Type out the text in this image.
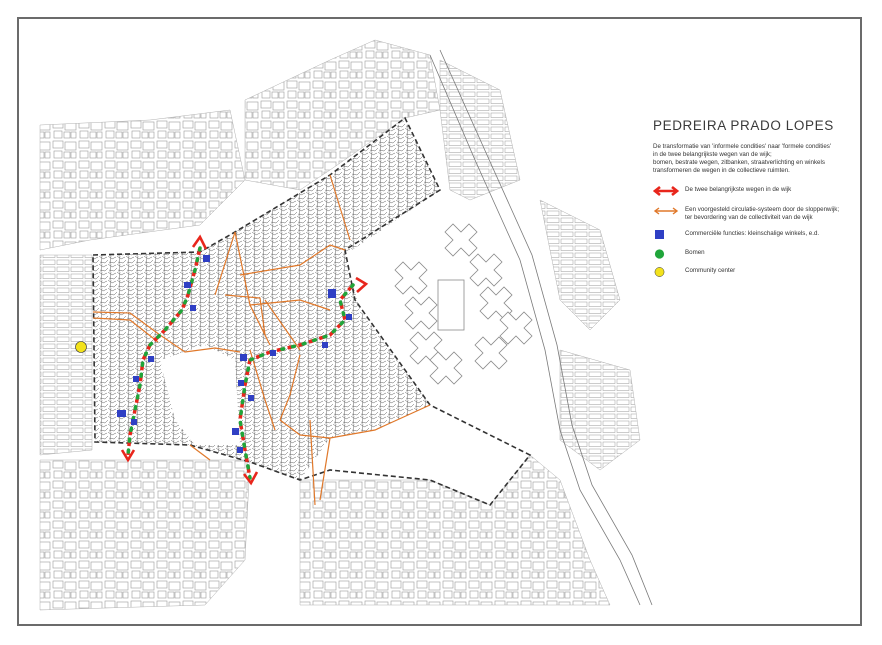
PEDREIRA PRADO LOPES
De transformatie van 'informele condities' naar 'formele condities'
in de twee belangrijkste wegen van de wijk;
bomen, bestrate wegen, zitbanken, straatverlichting en winkels
transformeren de wegen in de collectieve ruimten.
De twee belangrijkste wegen in de wijk
Een voorgesteld circulatie-systeem door de sloppenwijk;
ter bevordering van de collectiviteit van de wijk
Commerciële functies: kleinschalige winkels, e.d.
Bomen
Community center
